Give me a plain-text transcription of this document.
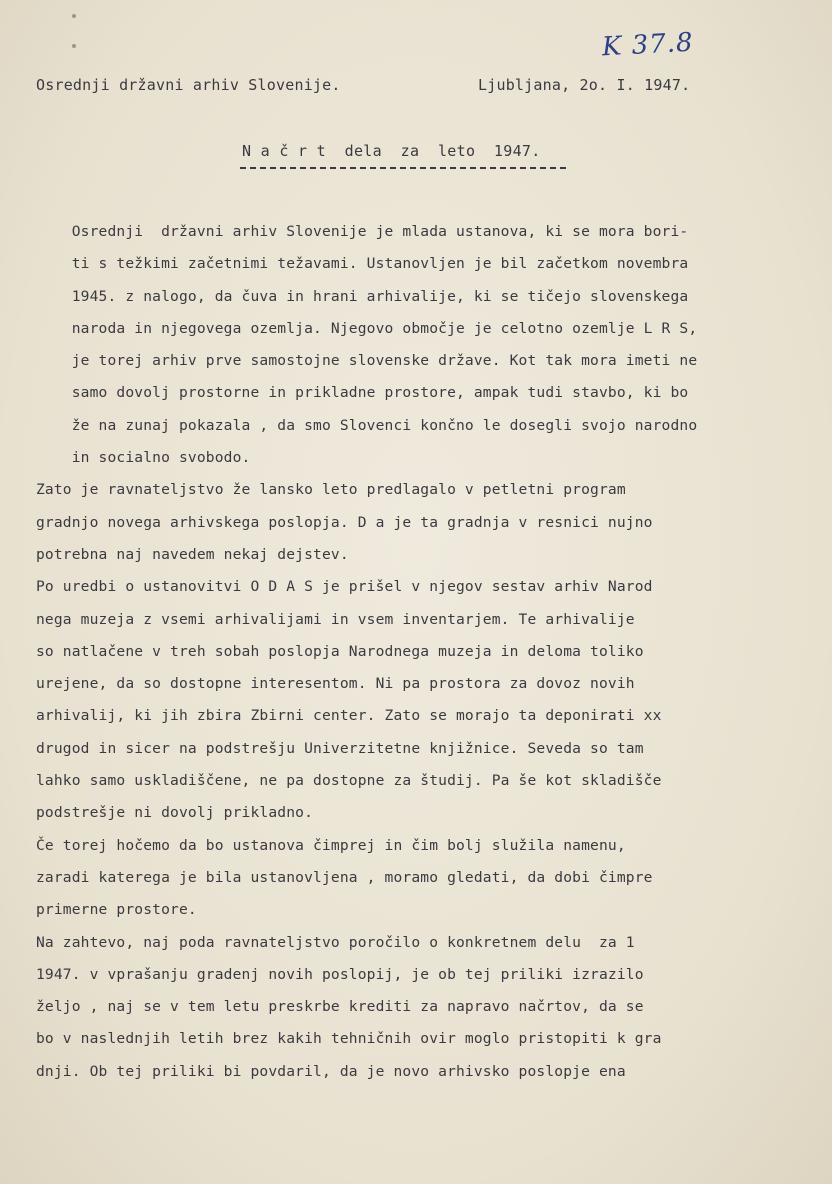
K 37.8
Osrednji državni arhiv Slovenije.	Ljubljana, 2o. I. 1947.
N a č r t  dela  za  leto  1947.
Osrednji  državni arhiv Slovenije je mlada ustanova, ki se mora bori-
ti s težkimi začetnimi težavami. Ustanovljen je bil začetkom novembra
1945. z nalogo, da čuva in hrani arhivalije, ki se tičejo slovenskega
naroda in njegovega ozemlja. Njegovo območje je celotno ozemlje L R S,
je torej arhiv prve samostojne slovenske države. Kot tak mora imeti ne
samo dovolj prostorne in prikladne prostore, ampak tudi stavbo, ki bo
že na zunaj pokazala , da smo Slovenci končno le dosegli svojo narodno
in socialno svobodo.
Zato je ravnateljstvo že lansko leto predlagalo v petletni program
gradnjo novega arhivskega poslopja. D a je ta gradnja v resnici nujno
potrebna naj navedem nekaj dejstev.
Po uredbi o ustanovitvi O D A S je prišel v njegov sestav arhiv Narod
nega muzeja z vsemi arhivalijami in vsem inventarjem. Te arhivalije
so natlačene v treh sobah poslopja Narodnega muzeja in deloma toliko
urejene, da so dostopne interesentom. Ni pa prostora za dovoz novih
arhivalij, ki jih zbira Zbirni center. Zato se morajo ta deponirati xx
drugod in sicer na podstrešju Univerzitetne knjižnice. Seveda so tam
lahko samo uskladiščene, ne pa dostopne za študij. Pa še kot skladišče
podstrešje ni dovolj prikladno.
Če torej hočemo da bo ustanova čimprej in čim bolj služila namenu,
zaradi katerega je bila ustanovljena , moramo gledati, da dobi čimpre
primerne prostore.
Na zahtevo, naj poda ravnateljstvo poročilo o konkretnem delu  za 1
1947. v vprašanju gradenj novih poslopij, je ob tej priliki izrazilo
željo , naj se v tem letu preskrbe krediti za napravo načrtov, da se
bo v naslednjih letih brez kakih tehničnih ovir moglo pristopiti k gra
dnji. Ob tej priliki bi povdaril, da je novo arhivsko poslopje ena
